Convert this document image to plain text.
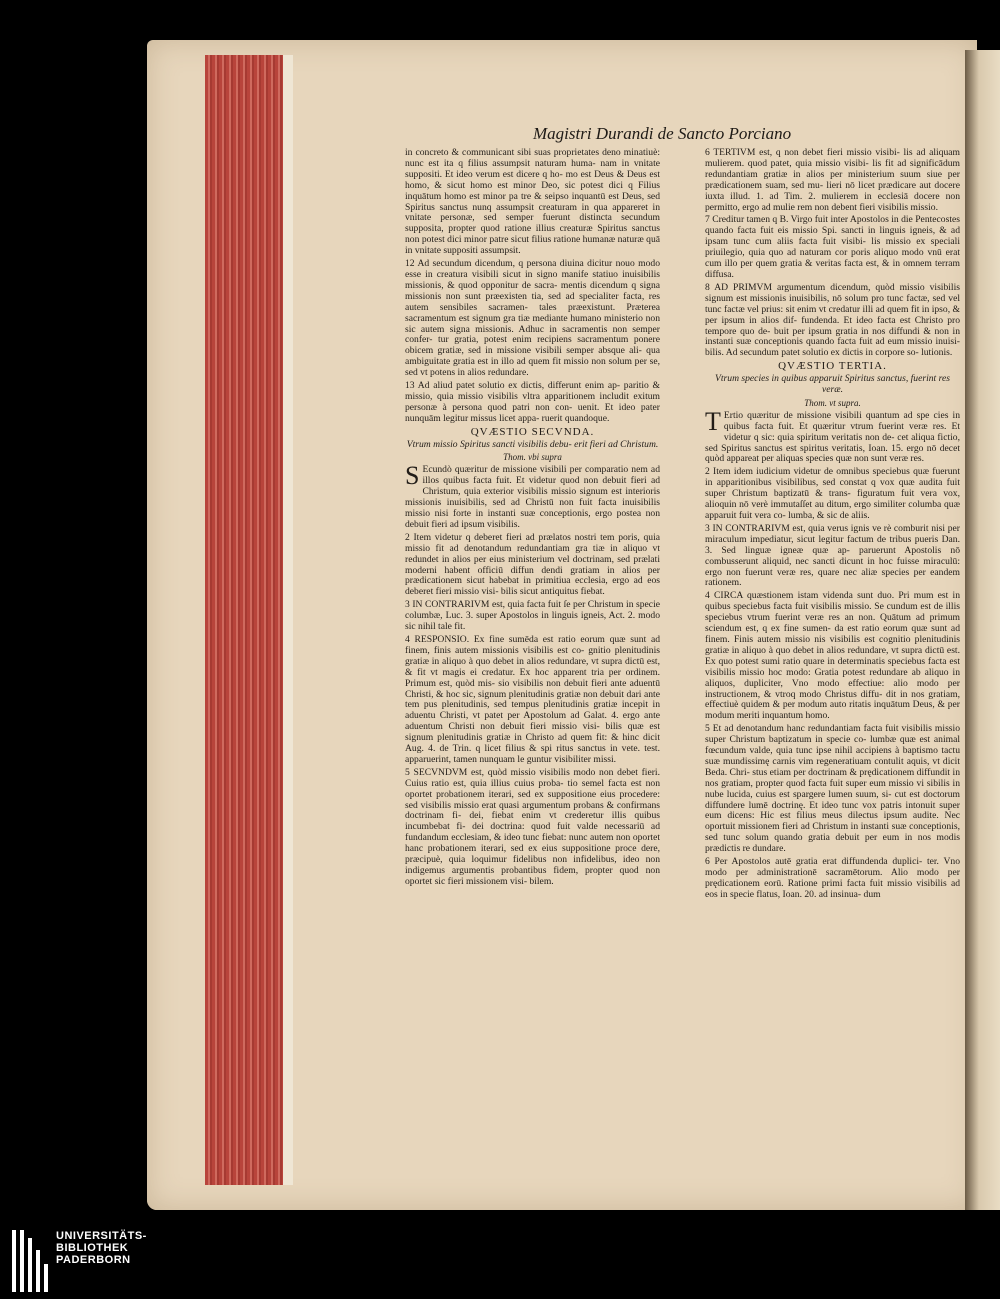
Magistri Durandi de Sancto Porciano

in concreto & communicant sibi suas proprietates deno minatiuè: nunc est ita q filius assumpsit naturam huma- nam in vnitate suppositi. Et ideo verum est dicere q ho- mo est Deus & Deus est homo, & sicut homo est minor Deo, sic potest dici q Filius inquātum homo est minor pa tre & seipso inquantū est Deus, sed Spiritus sanctus nunq assumpsit creaturam in qua appareret in vnitate personæ, sed semper fuerunt distincta secundum supposita, propter quod ratione illius creaturæ Spiritus sanctus non potest dici minor patre sicut filius ratione humanæ naturæ quā in vnitate suppositi assumpsit.

12 Ad secundum dicendum, q persona diuina dicitur nouo modo esse in creatura visibili sicut in signo manife statiuo inuisibilis missionis, & quod opponitur de sacra- mentis dicendum q signa missionis non sunt præexisten tia, sed ad specialiter facta, res autem sensibiles sacramen- tales præexistunt. Præterea sacramentum est signum gra tiæ mediante humano ministerio non sic autem signa missionis. Adhuc in sacramentis non semper confer- tur gratia, potest enim recipiens sacramentum ponere obicem gratiæ, sed in missione visibili semper absque ali- qua ambiguitate gratia est in illo ad quem fit missio non solum per se, sed vt potens in alios redundare.

13 Ad aliud patet solutio ex dictis, differunt enim ap- paritio & missio, quia missio visibilis vltra apparitionem includit exitum personæ à persona quod patri non con- uenit. Et ideo pater nunquām legitur missus licet appa- ruerit quandoque.

QVÆSTIO SECVNDA.

Vtrum missio Spiritus sancti visibilis debu- erit fieri ad Christum.

Thom. vbi supra

S Ecundò quæritur de missione visibili per comparatio nem ad illos quibus facta fuit. Et videtur quod non debuit fieri ad Christum, quia exterior visibilis missio signum est interioris missionis inuisibilis, sed ad Christū non fuit facta inuisibilis missio nisi forte in instanti suæ conceptionis, ergo postea non debuit fieri ad ipsum visibilis.

2 Item videtur q deberet fieri ad prælatos nostri tem poris, quia missio fit ad denotandum redundantiam gra tiæ in aliquo vt redundet in alios per eius ministerium vel doctrinam, sed prælati moderni habent officiū diffun dendi gratiam in alios per prædicationem sicut habebat in primitiua ecclesia, ergo ad eos deberet fieri missio visi- bilis sicut antiquitus fiebat.

3 IN CONTRARIVM est, quia facta fuit ſe per Christum in specie columbæ, Luc. 3. super Apostolos in linguis igneis, Act. 2. modo sic nihil tale fit.

4 RESPONSIO. Ex fine sumēda est ratio eorum quæ sunt ad finem, finis autem missionis visibilis est co- gnitio plenitudinis gratiæ in aliquo à quo debet in alios redundare, vt supra dictū est, & fit vt magis ei credatur. Ex hoc apparent tria per ordinem. Primum est, quòd mis- sio visibilis non debuit fieri ante aduentū Christi, & hoc sic, signum plenitudinis gratiæ non debuit dari ante tem pus plenitudinis, sed tempus plenitudinis gratiæ incepit in aduentu Christi, vt patet per Apostolum ad Galat. 4. ergo ante aduentum Christi non debuit fieri missio visi- bilis quæ est signum plenitudinis gratiæ in Christo ad quem fit: & hinc dicit Aug. 4. de Trin. q licet filius & spi ritus sanctus in vete. test. apparuerint, tamen nunquam le guntur visibiliter missi.

5 SECVNDVM est, quòd missio visibilis modo non debet fieri. Cuius ratio est, quia illius cuius proba- tio semel facta est non oportet probationem iterari, sed ex suppositione eius procedere: sed visibilis missio erat quasi argumentum probans & confirmans doctrinam fi- dei, fiebat enim vt crederetur illis quibus incumbebat fi- dei doctrina: quod fuit valde necessariū ad fundandum ecclesiam, & ideo tunc fiebat: nunc autem non oportet hanc probationem iterari, sed ex eius suppositione proce dere, præcipuè, quia loquimur fidelibus non infidelibus, ideo non indigemus argumentis probantibus fidem, propter quod non oportet sic fieri missionem visi- bilem.

6 TERTIVM est, q non debet fieri missio visibi- lis ad aliquam mulierem. quod patet, quia missio visibi- lis fit ad significādum redundantiam gratiæ in alios per ministerium suum siue per prædicationem suam, sed mu- lieri nō licet prædicare aut docere iuxta illud. 1. ad Tim. 2. mulierem in ecclesiā docere non permitto, ergo ad mulie rem non debent fieri visibilis missio.

7 Creditur tamen q B. Virgo fuit inter Apostolos in die Pentecostes quando facta fuit eis missio Spi. sancti in linguis igneis, & ad ipsam tunc cum aliis facta fuit visibi- lis missio ex speciali priuilegio, quia quo ad naturam cor poris aliquo modo vnū erat cum illo per quem gratia & veritas facta est, & in omnem terram diffusa.

8 AD PRIMVM argumentum dicendum, quòd missio visibilis signum est missionis inuisibilis, nō solum pro tunc factæ, sed vel tunc factæ vel prius: sit enim vt credatur illi ad quem fit in ipso, & per ipsum in alios dif- fundenda. Et ideo facta est Christo pro tempore quo de- buit per ipsum gratia in nos diffundi & non in instanti suæ conceptionis quando facta fuit ad eum missio inuisi- bilis. Ad secundum patet solutio ex dictis in corpore so- lutionis.

QVÆSTIO TERTIA.

Vtrum species in quibus apparuit Spiritus sanctus, fuerint res veræ.

Thom. vt supra.

T Ertio quæritur de missione visibili quantum ad spe cies in quibus facta fuit. Et quæritur vtrum fuerint veræ res. Et videtur q sic: quia spiritum veritatis non de- cet aliqua fictio, sed Spiritus sanctus est spiritus veritatis, Ioan. 15. ergo nō decet quòd appareat per aliquas species quæ non sunt veræ res.

2 Item idem iudicium videtur de omnibus speciebus quæ fuerunt in apparitionibus visibilibus, sed constat q vox quæ audita fuit super Christum baptizatū & trans- figuratum fuit vera vox, alioquin nō verè immutaſſet au ditum, ergo similiter columba quæ apparuit fuit vera co- lumba, & sic de aliis.

3 IN CONTRARIVM est, quia verus ignis ve rè comburit nisi per miraculum impediatur, sicut legitur factum de tribus pueris Dan. 3. Sed linguæ igneæ quæ ap- paruerunt Apostolis nō combusserunt aliquid, nec sancti dicunt in hoc fuisse miraculū: ergo non fuerunt veræ res, quare nec aliæ species per eandem rationem.

4 CIRCA quæstionem istam videnda sunt duo. Pri mum est in quibus speciebus facta fuit visibilis missio. Se cundum est de illis speciebus vtrum fuerint veræ res an non. Quātum ad primum sciendum est, q ex fine sumen- da est ratio eorum quæ sunt ad finem. Finis autem missio nis visibilis est cognitio plenitudinis gratiæ in aliquo à quo debet in alios redundare, vt supra dictū est. Ex quo potest sumi ratio quare in determinatis speciebus facta est visibilis missio hoc modo: Gratia potest redundare ab aliquo in aliquos, dupliciter, Vno modo effectiue: alio modo per instructionem, & vtroq modo Christus diffu- dit in nos gratiam, effectiuè quidem & per modum auto ritatis inquātum Deus, & per modum meriti inquantum homo.

5 Et ad denotandum hanc redundantiam facta fuit visibilis missio super Christum baptizatum in specie co- lumbæ quæ est animal fœcundum valde, quia tunc ipse nihil accipiens à baptismo tactu suæ mundissimę carnis vim regeneratiuam contulit aquis, vt dicit Beda. Chri- stus etiam per doctrinam & prędicationem diffundit in nos gratiam, propter quod facta fuit super eum missio vi sibilis in nube lucida, cuius est spargere lumen suum, si- cut est doctorum diffundere lumē doctrinę. Et ideo tunc vox patris intonuit super eum dicens: Hic est filius meus dilectus ipsum audite. Nec oportuit missionem fieri ad Christum in instanti suæ conceptionis, sed tunc solum quando gratia debuit per eum in nos modis prædictis re dundare.

6 Per Apostolos autē gratia erat diffundenda duplici- ter. Vno modo per administrationē sacramētorum. Alio modo per prędicationem eorū. Ratione primi facta fuit missio visibilis ad eos in specie flatus, Ioan. 20. ad insinua- dum

UNIVERSITÄTS-
BIBLIOTHEK
PADERBORN
